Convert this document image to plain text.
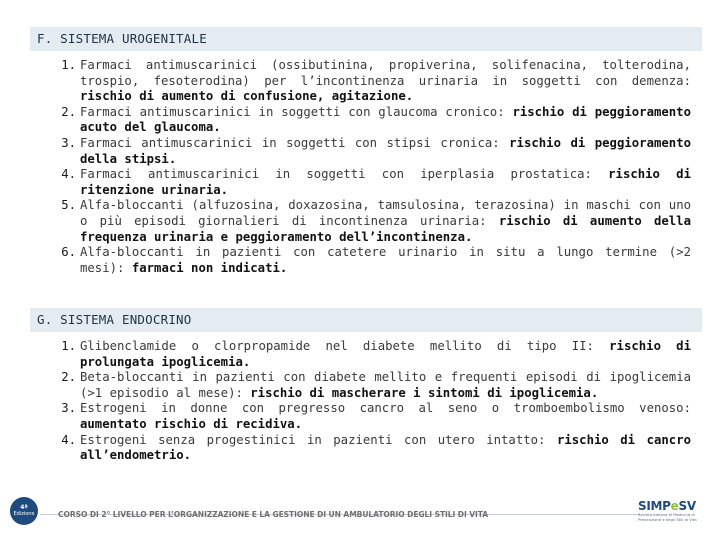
F. SISTEMA UROGENITALE
1. Farmaci antimuscarinici (ossibutinina, propiverina, solifenacina, tolterodina, trospio, fesoterodina) per l’incontinenza urinaria in soggetti con demenza: rischio di aumento di confusione, agitazione.
2. Farmaci antimuscarinici in soggetti con glaucoma cronico: rischio di peggioramento acuto del glaucoma.
3. Farmaci antimuscarinici in soggetti con stipsi cronica: rischio di peggioramento della stipsi.
4. Farmaci antimuscarinici in soggetti con iperplasia prostatica: rischio di ritenzione urinaria.
5. Alfa-bloccanti (alfuzosina, doxazosina, tamsulosina, terazosina) in maschi con uno o più episodi giornalieri di incontinenza urinaria: rischio di aumento della frequenza urinaria e peggioramento dell’incontinenza.
6. Alfa-bloccanti in pazienti con catetere urinario in situ a lungo termine (>2 mesi): farmaci non indicati.
G. SISTEMA ENDOCRINO
1. Glibenclamide o clorpropamide nel diabete mellito di tipo II: rischio di prolungata ipoglicemia.
2. Beta-bloccanti in pazienti con diabete mellito e frequenti episodi di ipoglicemia (>1 episodio al mese): rischio di mascherare i sintomi di ipoglicemia.
3. Estrogeni in donne con pregresso cancro al seno o tromboembolismo venoso: aumentato rischio di recidiva.
4. Estrogeni senza progestinici in pazienti con utero intatto: rischio di cancro all’endometrio.
4ª
Edizione	CORSO DI 2° LIVELLO PER L’ORGANIZZAZIONE E LA GESTIONE DI UN AMBULATORIO DEGLI STILI DI VITA
SIMPeSV
Società Italiana di Medicina di Prevenzione e degli Stili di Vita
